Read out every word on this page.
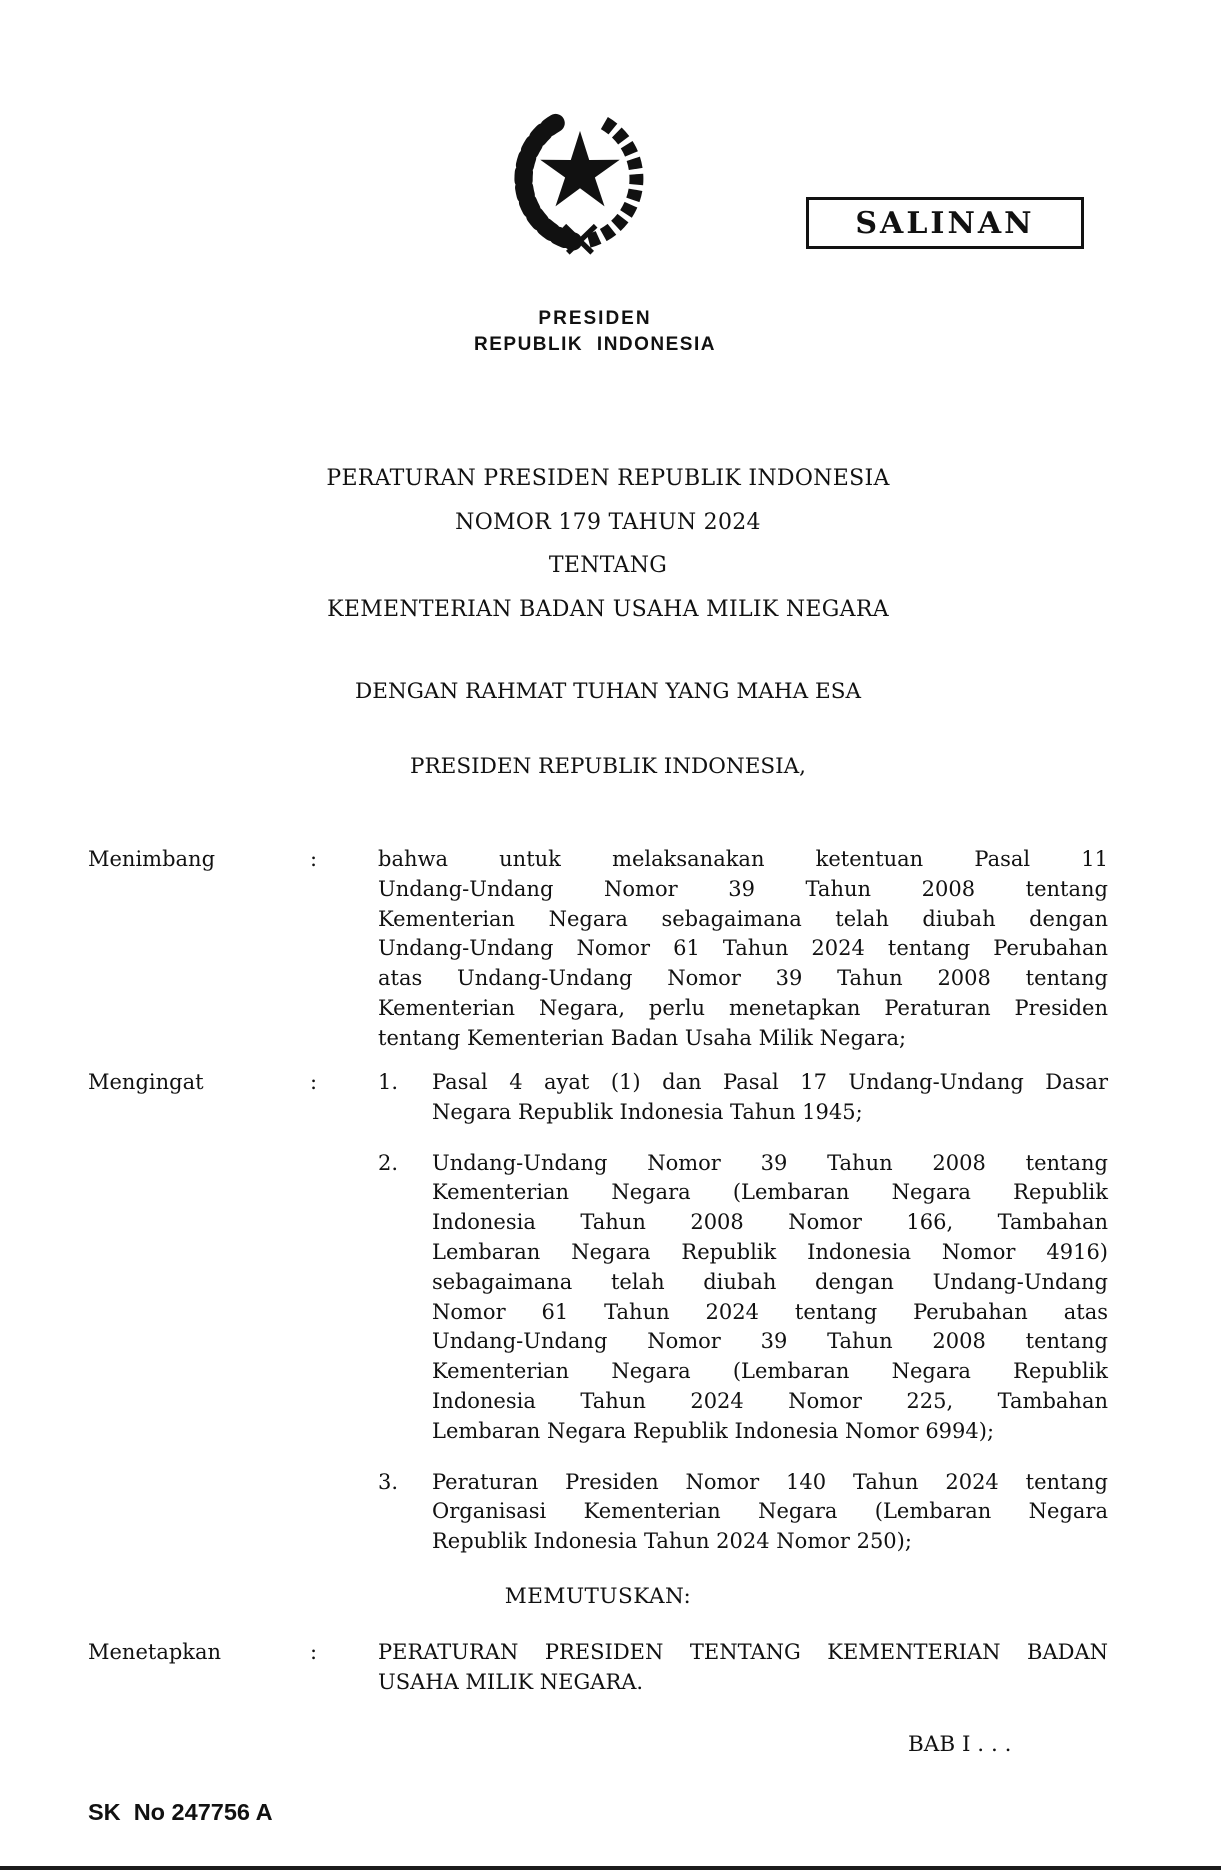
SALINAN
PRESIDEN
REPUBLIK INDONESIA
PERATURAN PRESIDEN REPUBLIK INDONESIA
NOMOR 179 TAHUN 2024
TENTANG
KEMENTERIAN BADAN USAHA MILIK NEGARA
DENGAN RAHMAT TUHAN YANG MAHA ESA
PRESIDEN REPUBLIK INDONESIA,
Menimbang	:	bahwa untuk melaksanakan ketentuan Pasal 11
Undang-Undang Nomor 39 Tahun 2008 tentang
Kementerian Negara sebagaimana telah diubah dengan
Undang-Undang Nomor 61 Tahun 2024 tentang Perubahan
atas Undang-Undang Nomor 39 Tahun 2008 tentang
Kementerian Negara, perlu menetapkan Peraturan Presiden
tentang Kementerian Badan Usaha Milik Negara;
Mengingat	:	1.	Pasal 4 ayat (1) dan Pasal 17 Undang-Undang Dasar
Negara Republik Indonesia Tahun 1945;
2.	Undang-Undang Nomor 39 Tahun 2008 tentang
Kementerian Negara (Lembaran Negara Republik
Indonesia Tahun 2008 Nomor 166, Tambahan
Lembaran Negara Republik Indonesia Nomor 4916)
sebagaimana telah diubah dengan Undang-Undang
Nomor 61 Tahun 2024 tentang Perubahan atas
Undang-Undang Nomor 39 Tahun 2008 tentang
Kementerian Negara (Lembaran Negara Republik
Indonesia Tahun 2024 Nomor 225, Tambahan
Lembaran Negara Republik Indonesia Nomor 6994);
3.	Peraturan Presiden Nomor 140 Tahun 2024 tentang
Organisasi Kementerian Negara (Lembaran Negara
Republik Indonesia Tahun 2024 Nomor 250);
MEMUTUSKAN:
Menetapkan	:	PERATURAN PRESIDEN TENTANG KEMENTERIAN BADAN
USAHA MILIK NEGARA.
BAB I . . .
SK  No 247756 A
